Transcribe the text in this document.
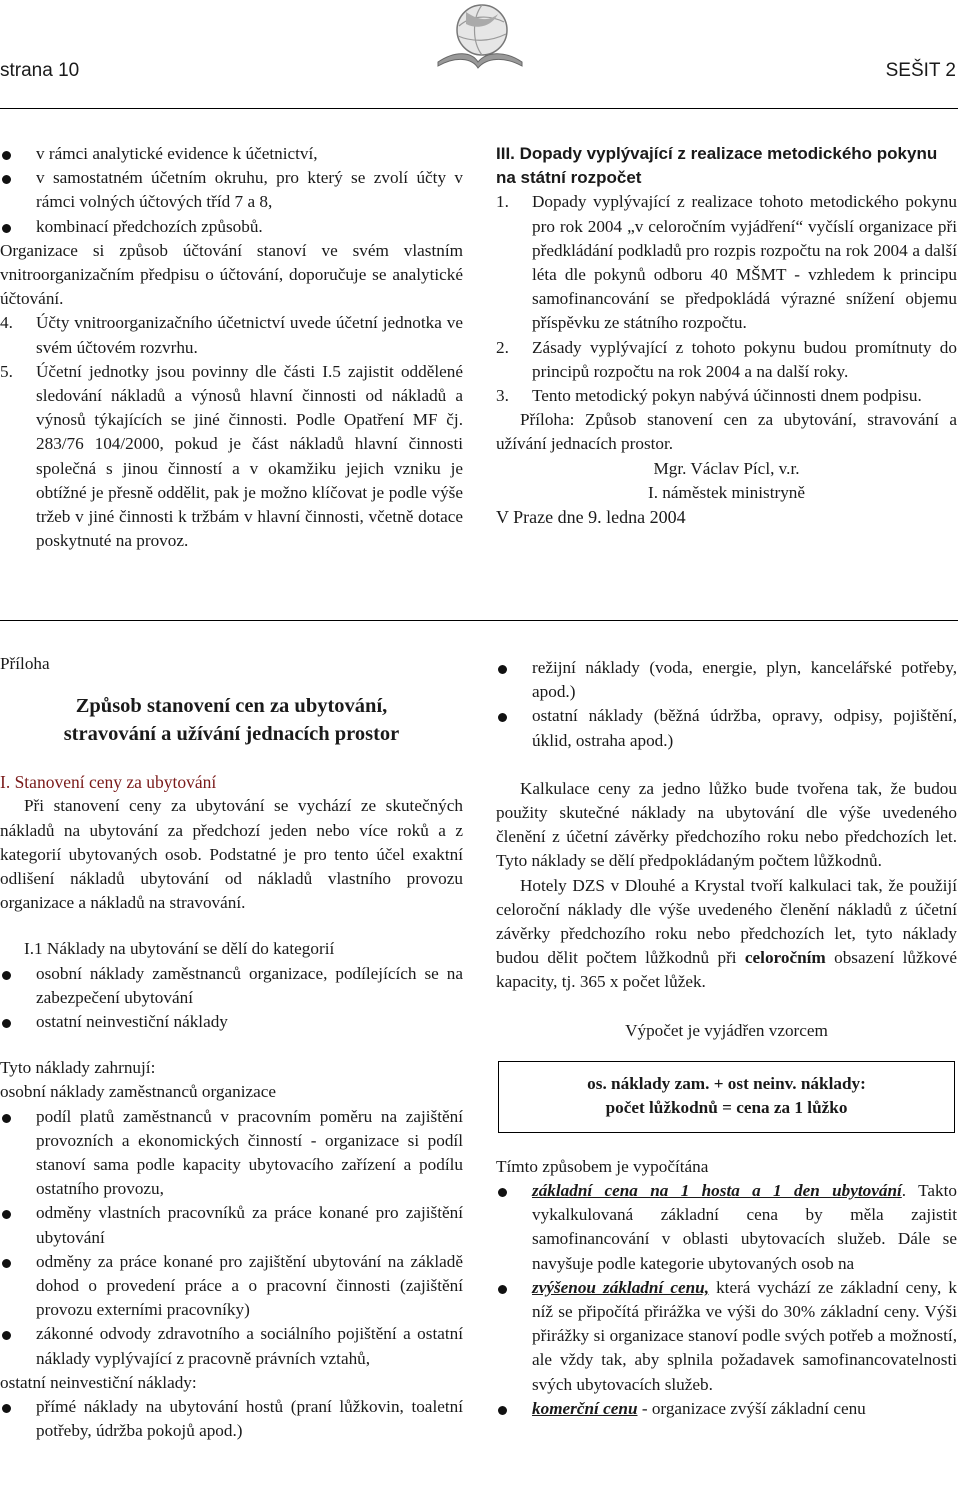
strana 10	SEŠIT 2

v rámci analytické evidence k účetnictví,

v samostatném účetním okruhu, pro který se zvolí účty v rámci volných účtových tříd 7 a 8,

kombinací předchozích způsobů.

Organizace si způsob účtování stanoví ve svém vlastním vnitroorganizačním předpisu o účtování, doporučuje se analytické účtování.

4. Účty vnitroorganizačního účetnictví uvede účetní jednotka ve svém účtovém rozvrhu.

5. Účetní jednotky jsou povinny dle části I.5 zajistit oddělené sledování nákladů a výnosů hlavní činnosti od nákladů a výnosů týkajících se jiné činnosti. Podle Opatření MF čj. 283/76 104/2000, pokud je část nákladů hlavní činnosti společná s jinou činností a v okamžiku jejich vzniku je obtížné je přesně oddělit, pak je možno klíčovat je podle výše tržeb v jiné činnosti k tržbám v hlavní činnosti, včetně dotace poskytnuté na provoz.

III. Dopady vyplývající z realizace metodického pokynu na státní rozpočet

1. Dopady vyplývající z realizace tohoto metodického pokynu pro rok 2004 „v celoročním vyjádření“ vyčíslí organizace při předkládání podkladů pro rozpis rozpočtu na rok 2004 a další léta dle pokynů odboru 40 MŠMT - vzhledem k principu samofinancování se předpokládá výrazné snížení objemu příspěvku ze státního rozpočtu.

2. Zásady vyplývající z tohoto pokynu budou promítnuty do principů rozpočtu na rok 2004 a na další roky.

3. Tento metodický pokyn nabývá účinnosti dnem podpisu.

Příloha: Způsob stanovení cen za ubytování, stravování a užívání jednacích prostor.

Mgr. Václav Pícl, v.r.

I. náměstek ministryně

V Praze dne 9. ledna 2004

Příloha

Způsob stanovení cen za ubytování,
stravování a užívání jednacích prostor

I. Stanovení ceny za ubytování

Při stanovení ceny za ubytování se vychází ze skutečných nákladů na ubytování za předchozí jeden nebo více roků a z kategorií ubytovaných osob. Podstatné je pro tento účel exaktní odlišení nákladů ubytování od nákladů vlastního provozu organizace a nákladů na stravování.

I.1 Náklady na ubytování se dělí do kategorií

osobní náklady zaměstnanců organizace, podílejících se na zabezpečení ubytování

ostatní neinvestiční náklady

Tyto náklady zahrnují:

osobní náklady zaměstnanců organizace

podíl platů zaměstnanců v pracovním poměru na zajištění provozních a ekonomických činností - organizace si podíl stanoví sama podle kapacity ubytovacího zařízení a podílu ostatního provozu,

odměny vlastních pracovníků za práce konané pro zajištění ubytování

odměny za práce konané pro zajištění ubytování na základě dohod o provedení práce a o pracovní činnosti (zajištění provozu externími pracovníky)

zákonné odvody zdravotního a sociálního pojištění a ostatní náklady vyplývající z pracovně právních vztahů,

ostatní neinvestiční náklady:

přímé náklady na ubytování hostů (praní lůžkovin, toaletní potřeby, údržba pokojů apod.)

režijní náklady (voda, energie, plyn, kancelářské potřeby, apod.)

ostatní náklady (běžná údržba, opravy, odpisy, pojištění, úklid, ostraha apod.)

Kalkulace ceny za jedno lůžko bude tvořena tak, že budou použity skutečné náklady na ubytování dle výše uvedeného členění z účetní závěrky předchozího roku nebo předchozích let. Tyto náklady se dělí předpokládaným počtem lůžkodnů.

Hotely DZS v Dlouhé a Krystal tvoří kalkulaci tak, že použijí celoroční náklady dle výše uvedeného členění nákladů z účetní závěrky předchozího roku nebo předchozích let, tyto náklady budou dělit počtem lůžkodnů při celoročním obsazení lůžkové kapacity, tj. 365 x počet lůžek.

Výpočet je vyjádřen vzorcem

os. náklady zam. + ost neinv. náklady:
počet lůžkodnů = cena za 1 lůžko

Tímto způsobem je vypočítána

základní cena na 1 hosta a 1 den ubytování. Takto vykalkulovaná základní cena by měla zajistit samofinancování v oblasti ubytovacích služeb. Dále se navyšuje podle kategorie ubytovaných osob na

zvýšenou základní cenu, která vychází ze základní ceny, k níž se připočítá přirážka ve výši do 30% základní ceny. Výši přirážky si organizace stanoví podle svých potřeb a možností, ale vždy tak, aby splnila požadavek samofinancovatelnosti svých ubytovacích služeb.

komerční cenu - organizace zvýší základní cenu
